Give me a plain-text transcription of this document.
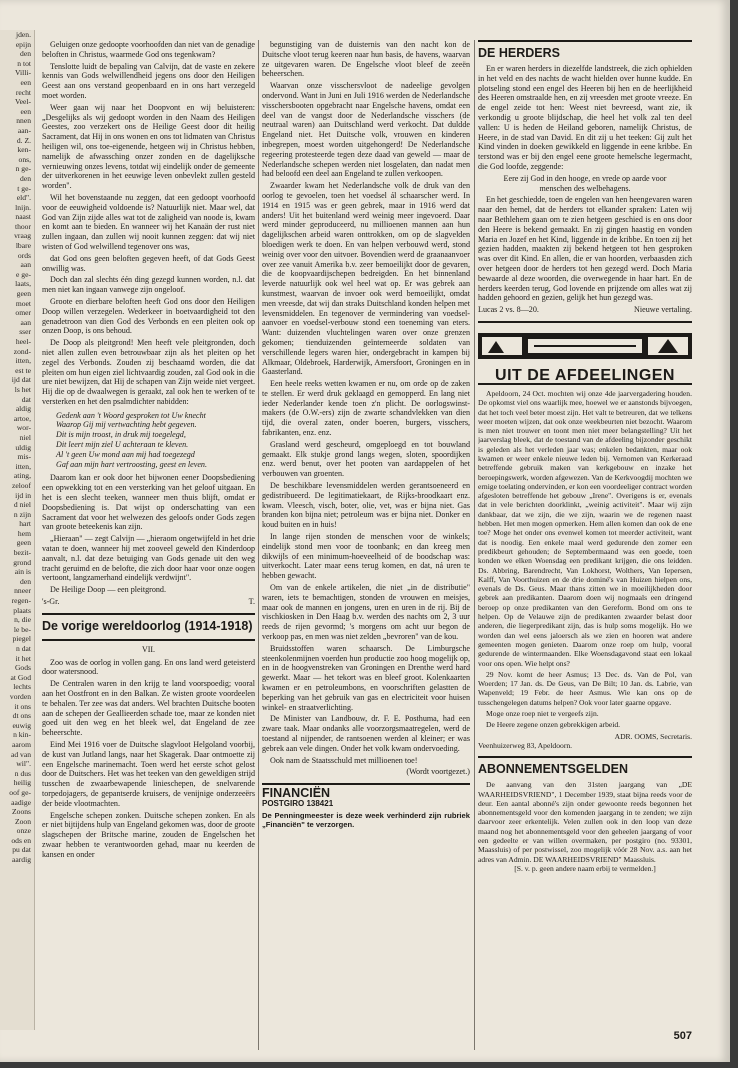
jden.
epijn
den
n tot
Villi-
een
recht
Veel-
een
nnen
aan-
d. Z.
ken-
ons,
n ge-
den
t ge-
eld".
lnijn.
naast
thoor
vraag
lbare
ords
aan
e ge-
laats,
geen
moet
omer
aan
sser
heel-
zond-
itten,
est te
ijd dat
ls het
dat
aldig
artoe,
wor-
niel
uldig
mis-
itten,
ating,
zeloof
ijd in
d niel
n zijn
hart
hem
geen
bezit-
grond
ain is
den
nneer
regen-
plaats
n, die
le be-
piegel
n dat
it het
Gods
at God
lechts
vorden
it ons
dt ons
euwig
n kin-
aarom
ad van
wil".
n dus
heilig
oof ge-
aadige
Zoons
Zoon
onze
ods en
pu dat
aardig

Geluigen onze gedoopte voorhoofden dan niet van de genadige beloften in Christus, waarmede God ons tegenkwam?

Tenslotte luidt de bepaling van Calvijn, dat de vaste en zekere kennis van Gods welwillendheid jegens ons door den Heiligen Geest aan ons verstand geopenbaard en in ons hart verzegeld moet worden.

Weer gaan wij naar het Doopvont en wij beluisteren: „Desgelijks als wij gedoopt worden in den Naam des Heiligen Geestes, zoo verzekert ons de Heilige Geest door dit heilig Sacrament, dat Hij in ons wonen en ons tot lidmaten van Christus heiligen wil, ons toe-eigenende, hetgeen wij in Christus hebben, namelijk de afwassching onzer zonden en de dagelijksche vernieuwing onzes levens, totdat wij eindelijk onder de gemeente der uitverkorenen in het eeuwige leven onbevlekt zullen gesteld worden".

Wil het bovenstaande nu zeggen, dat een gedoopt voorhoofd voor de eeuwigheid voldoende is? Natuurlijk niet. Maar wel, dat God van Zijn zijde alles wat tot de zaligheid van noode is, kwam en komt aan te bieden. En wanneer wij het Kanaän der rust niet zullen ingaan, dan zullen wij nooit kunnen zeggen: dat wij niet wisten of God welwillend tegenover ons was,

dat God ons geen beloften gegeven heeft, of dat Gods Geest onwillig was.

Doch dan zal slechts één ding gezegd kunnen worden, n.l. dat men niet kan ingaan vanwege zijn ongeloof.

Groote en dierbare beloften heeft God ons door den Heiligen Doop willen verzegelen. Wederkeer in boetvaardigheid tot den genadetroon van dien God des Verbonds en een pleiten ook op onzen Doop, is ons behoud.

De Doop als pleitgrond! Men heeft vele pleitgronden, doch niet allen zullen even betrouwbaar zijn als het pleiten op het zegel des Verbonds. Zouden zij beschaamd worden, die dat pleiten om hun eigen ziel lichtvaardig zouden, zal God ook in die ure niet bewijzen, dat Hij de schapen van Zijn weide niet vergeet. Hij die op de dwaalwegen is geraakt, zal ook hen te werken of te versterken en het den psalmdichter nabidden:

Gedenk aan 't Woord gesproken tot Uw knecht
Waarop Gij mij vertwachting hebt gegeven.
Dit is mijn troost, in druk mij toegelegd,
Dit leert mijn ziel U achteraan te kleven.
Al 't geen Uw mond aan mij had toegezegd
Gaf aan mijn hart vertroosting, geest en leven.

Daarom kan er ook door het bijwonen eener Doopsbediening een opwekking tot en een versterking van het geloof uitgaan. En het is een slecht teeken, wanneer men thuis blijft, omdat er Doopsbediening is. Dat wijst op onderschatting van een Sacrament dat voor het welwezen des geloofs onder Gods zegen van groote beteekenis kan zijn.

„Hieraan" — zegt Calvijn — „hieraom ongetwijfeld in het drie vatan te doen, wanneer hij met zooveel geweld den Kinderdoop aanvalt, n.l. dat deze betuiging van Gods genade uit den weg tracht geruimd en de belofte, die zich door haar voor onze oogen vertoont, langzamerhand eindelijk verdwijnt".

De Heilige Doop — een pleitgrond.

's-Gr.	T.
De vorige wereldoorlog (1914-1918)
VII.

Zoo was de oorlog in vollen gang. En ons land werd geteisterd door watersnood.

De Centralen waren in den krijg te land voorspoedig; vooral aan het Oostfront en in den Balkan. Ze wisten groote voordeelen te behalen. Ter zee was dat anders. Wel brachten Duitsche booten aan de schepen der Geallieerden schade toe, maar ze konden niet goed uit den weg en het bleek wel, dat Engeland de zee beheerschte.

Eind Mei 1916 voer de Duitsche slagvloot Helgoland voorbij, de kust van Jutland langs, naar het Skagerak. Daar ontmoette zij een Engelsche marinemacht. Toen werd het eerste schot gelost door de Duitschers. Het was het teeken van den geweldigen strijd tusschen de zwaarbewapende linieschepen, de snelvarende torpedojagers, de gepantserde kruisers, de venijnige onderzeeërs der beide vlootmachten.

Engelsche schepen zonken. Duitsche schepen zonken. En als er niet bijtijdens hulp van Engeland gekomen was, door de groote slagschepen der Britsche marine, zouden de Engelschen het zwaar hebben te verantwoorden gehad, maar nu keerden de kansen en onder

begunstiging van de duisternis van den nacht kon de Duitsche vloot terug keeren naar hun basis, de havens, waarvan ze uitgevaren waren. De Engelsche vloot bleef de zeeën beheerschen.

Waarvan onze visschersvloot de nadeelige gevolgen ondervond. Want in Juni en Juli 1916 werden de Nederlandsche visschersbooten opgebracht naar Engelsche havens, omdat een deel van de vangst door de Nederlandsche visschers (de neutraal waren) aan Duitschland werd verkocht. Dat duldde Engeland niet. Het Duitsche volk, vrouwen en kinderen inbegrepen, moest worden uitgehongerd! De Nederlandsche regeering protesteerde tegen deze daad van geweld — maar de Nederlandsche schepen werden niet losgelaten, dan nadat men had beloofd een deel aan Engeland te zullen verkoopen.

Zwaarder kwam het Nederlandsche volk de druk van den oorlog te gevoelen, toen het voedsel ál schaarscher werd. In 1914 en 1915 was er geen gebrek, maar in 1916 werd dat anders! Uit het buitenland werd weinig meer ingevoerd. Daar werd minder geproduceerd, nu millioenen mannen aan hun dagelijkschen arbeid waren onttrokken, om op de slagvelden bloedigen werk te doen. En van helpen verbouwd werd, stond weinig over voor den uitvoer. Bovendien werd de graanaanvoer over zee vanuit Amerika b.v. zeer bemoeilijkt door de gevaren, die de koopvaardijschepen bedreigden. En het binnenland leverde natuurlijk ook wel heel wat op. Er was gebrek aan kunstmest, waarvan de invoer ook werd bemoeilijkt, omdat men vreesde, dat wij dan straks Duitschland konden helpen met levensmiddelen. En tegenover de vermindering van voedsel-aanvoer en voedsel-verbouw stond een toeneming van eters. Want: duizenden vluchtelingen waren over onze grenzen gekomen; tienduizenden geïnterneerde soldaten van verschillende legers waren hier, ondergebracht in kampen bij Alkmaar, Oldebroek, Harderwijk, Amersfoort, Groningen en in Gaasterland.

Een heele reeks wetten kwamen er nu, om orde op de zaken te stellen. Er werd druk geklaagd en gemopperd. En lang niet ieder Nederlander kende toen z'n plicht. De oorlogswinst-makers (de O.W.-ers) zijn de zwarte schandvlekken van dien tijd, die overal zaten, onder boeren, burgers, visschers, fabrikanten, enz. enz.

Grasland werd gescheurd, omgeploegd en tot bouwland gemaakt. Elk stukje grond langs wegen, sloten, spoordijken enz. werd benut, over het pooten van aardappelen of het verbouwen van groenten.

De beschikbare levensmiddelen werden gerantsoeneerd en gedistribueerd. De legitimatiekaart, de Rijks-broodkaart enz. kwam. Vleesch, visch, boter, olie, vet, was er bijna niet. Gas branden kon bijna niet; petroleum was er bijna niet. Donker en koud buiten en in huis!

In lange rijen stonden de menschen voor de winkels; eindelijk stond men voor de toonbank; en dan kreeg men dikwijls of een minimum-hoeveelheid of de boodschap was: uitverkocht. Later maar eens terug komen, en dat, ná uren te hebben gewacht.

Om van de enkele artikelen, die niet „in de distributie" waren, iets te bemachtigen, stonden de vrouwen en meisjes, maar ook de mannen en jongens, uren en uren in de rij. Bij de vischkiosken in Den Haag b.v. werden des nachts om 2, 3 uur reeds de rijen gevormd; 's morgens om acht uur begon de verkoop pas, en men was niet zelden „bevroren" van de kou.

Bruidsstoffen waren schaarsch. De Limburgsche steenkolenmijnen voerden hun productie zoo hoog mogelijk op, en in de hoogvenstreken van Groningen en Drenthe werd hard gewerkt. Maar — het tekort was en bleef groot. Kolenkaarten kwamen er en petroleumbons, en voorschriften gelastten de beperking van het gebruik van gas en electriciteit voor huisen winkel- en straatverlichting.

De Minister van Landbouw, dr. F. E. Posthuma, had een zware taak. Maar ondanks alle voorzorgsmaatregelen, werd de toestand al nijpender, de rantsoenen werden al kleiner; er was gebrek aan vele dingen. Onder het volk kwam ondervoeding.

Ook nam de Staatsschuld met millioenen toe!

(Wordt voortgezet.)
FINANCIËN
POSTGIRO 138421
De Penningmeester is deze week verhinderd zijn rubriek „Financiën" te verzorgen.
DE HERDERS

En er waren herders in diezelfde landstreek, die zich ophielden in het veld en des nachts de wacht hielden over hunne kudde. En plotseling stond een engel des Heeren bij hen en de heerlijkheid des Heeren omstraalde hen, en zij vreesden met groote vreeze. En de engel zeide tot hen: Weest niet bevreesd, want zie, ik verkondig u groote blijdschap, die heel het volk zal ten deel vallen: U is heden de Heiland geboren, namelijk Christus, de Heere, in de stad van David. En dit zij u het teeken: Gij zult het Kind vinden in doeken gewikkeld en liggende in eene kribbe. En terstond was er bij den engel eene groote hemelsche legermacht, die God loofde, zeggende:

Eere zij God in den hooge, en vrede op aarde voor menschen des welbehagens.

En het geschiedde, toen de engelen van hen heengevaren waren naar den hemel, dat de herders tot elkander spraken: Laten wij naar Bethlehem gaan om te zien hetgeen geschied is en ons door den Heere is bekend gemaakt. En zij gingen haastig en vonden Maria en Jozef en het Kind, liggende in de kribbe. En toen zij het gezien hadden, maakten zij bekend hetgeen tot hen gesproken was over dit Kind. En allen, die er van hoorden, verbaasden zich over hetgeen door de herders tot hen gezegd werd. Doch Maria bewaarde al deze woorden, die overwegende in haar hart. En de herders keerden terug, God lovende en prijzende om alles wat zij hadden gehoord en gezien, gelijk het hun gezegd was.

Lucas 2 vs. 8—20.	Nieuwe vertaling.
UIT DE AFDEELINGEN

Apeldoorn, 24 Oct. mochten wij onze 4de jaarvergadering houden. De opkomst viel ons waarlijk mee, hoewel we er aanstonds bijvoegen, dat het toch veel beter moest zijn. Het valt te betreuren, dat we telkens weer moeten wijzen, dat ook onze weekbeurten niet bezocht. Waarom is men niet trouwer en toont men niet meer belangstelling? Uit het jaarverslag bleek, dat de toestand van de afdeeling bijzonder geschikt is geleden als het verleden jaar was; enkelen bedankten, maar ook kwamen er weer enkele nieuwe leden bij. Vernomen van Kerkeraad betreffende gebruik maken van kerkgebouw en inzake het beroepingswerk, worden afgewezen. Van de Kerkvoogdij mochten we ernige toelating ondervinden, er kon een voordeeliger contract worden afgesloten betreffende het gebouw „Irene". Overigens is er, evenals dat in vele berichten doorklinkt, „weinig activiteit". Maar wij zijn dankbaar, dat we zijn, die we zijn, waarin we de regenen naast hebben. Het men mogen opmerken. Hem allen komen dan ook de ene toe? Moge het onder ons evenwel komen tot meerder activiteit, want dat is noodig. Een enkele maal werd gedurende den zomer een predikbeurt gehouden; de Septembermaand was een goede, toen konden we elken Woensdag een predikant krijgen, die ons leidden. Ds. Abbring, Barendrecht, Van Lokhorst, Wolthers, Van Iepersen, Kalff, Van Voorthuizen en de drie dominé's van Huizen hielpen ons, evenals de Ds. Geus. Maar thans zitten we in moeilijkheden door gebrek aan predikanten. Daarom doen wij nogmaals een dringend beroep op onze predikanten van den Gereform. Bond om ons te helpen. Op de Velauwe zijn de predikanten zwaarder belast door anderen, die liegerpredikant zijn, das is hulp soms mogelijk. Ho we worden dan wel eens jaloersch als we zien en hooren wat andere gemeenten mogen genieten. Daarom onze roep om hulp, vooral gedurende de wintermaanden. Elke Woensdagavond staat een lokaal voor ons open. Wie helpt ons?

29 Nov. komt de heer Asmus; 13 Dec. ds. Van de Pol, van Woerden; 17 Jan. ds. De Geus, van De Bilt; 10 Jan. ds. Labrie, van Wapenveld; 19 Febr. de heer Asmus. Wie kan ons op de tusschengelegen datums helpen? Ook voor later gaarne opgave.

Moge onze roep niet te vergeefs zijn.

De Heere zegene onzen gebrekkigen arbeid.

ADR. OOMS, Secretaris.
Veenhuizerweg 83, Apeldoorn.
ABONNEMENTSGELDEN
De aanvang van den 31sten jaargang van „DE WAARHEIDSVRIEND", 1 December 1939, staat bijna reeds voor de deur. Een aantal abonné's zijn onder gewoonte reeds begonnen het abonnementsgeld voor den komenden jaargang in te zenden; we zijn daarvoor zeer erkentelijk. Velen zullen ook in den loop van deze maand nog het abonnementsgeld voor den geheelen jaargang of voor een gedeelte er van willen overmaken, per postgiro (no. 93301, Maassluis) of per postwissel, zoo mogelijk vóór 28 Nov. a.s. aan het adres van Admin. DE WAARHEIDSVRIEND" Maassluis.
[S. v. p. geen andere naam erbij te vermelden.]
507
